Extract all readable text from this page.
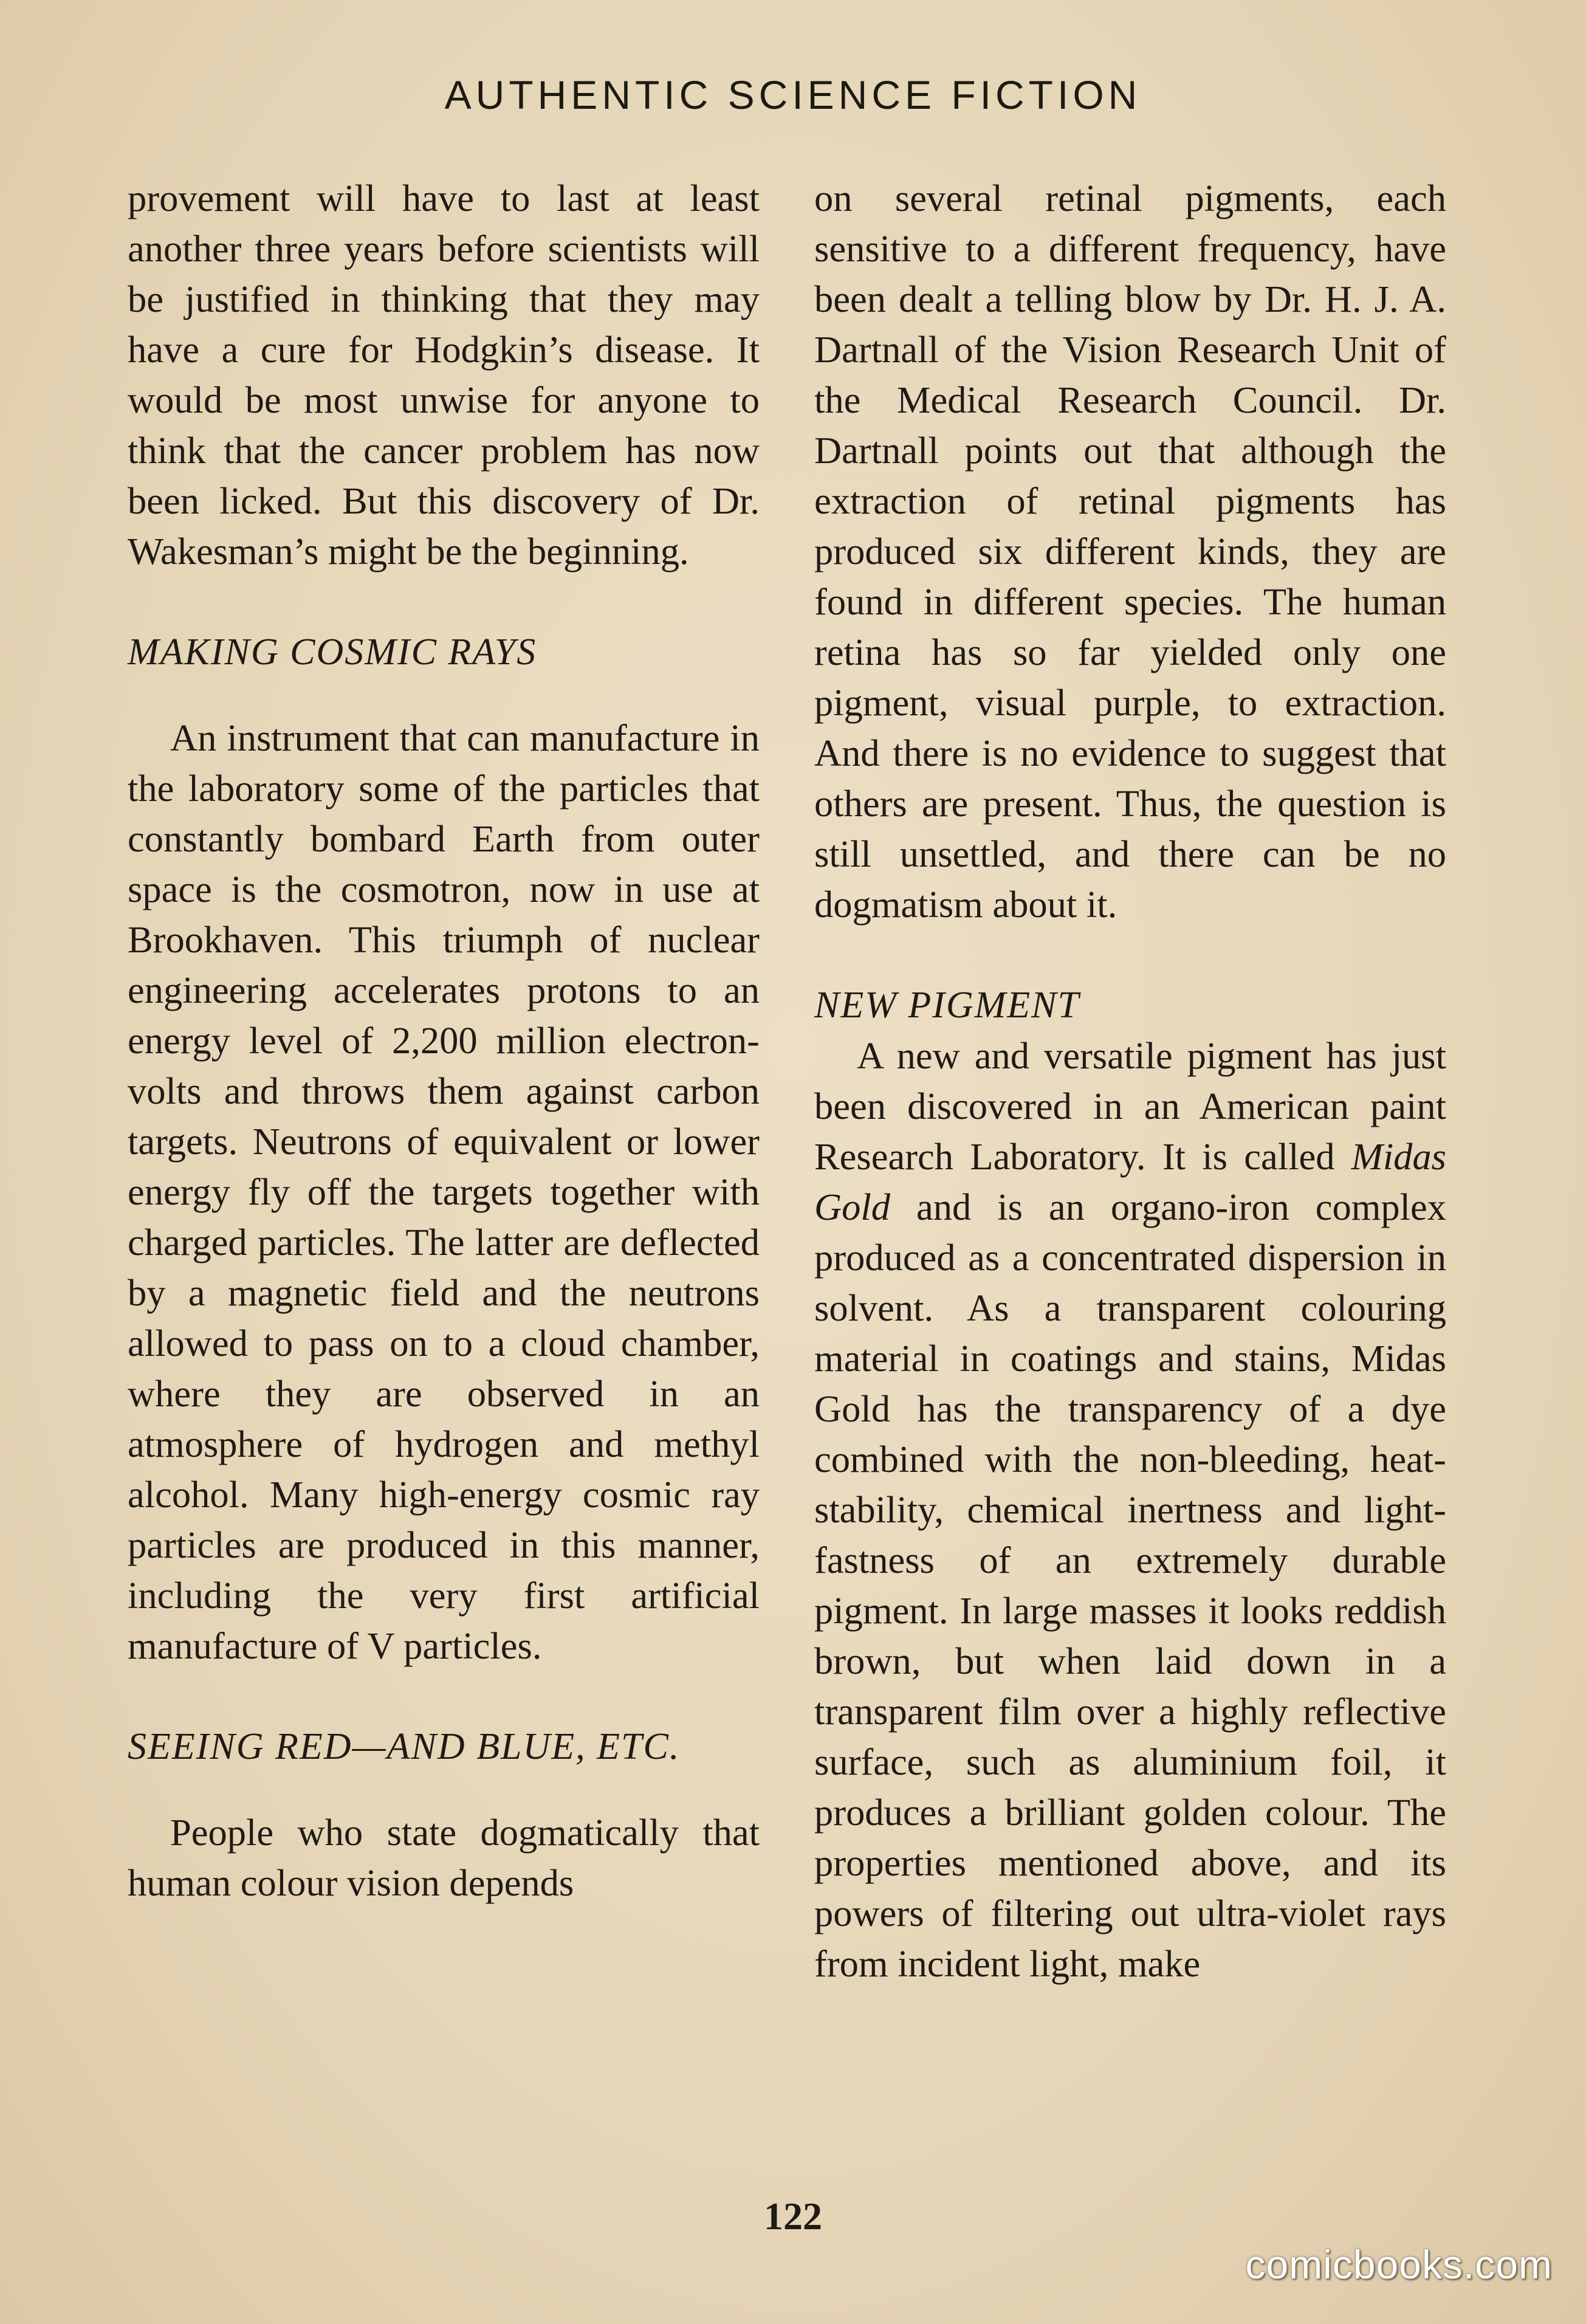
AUTHENTIC SCIENCE FICTION

provement will have to last at least another three years before scientists will be justified in thinking that they may have a cure for Hodgkin’s disease. It would be most unwise for anyone to think that the cancer problem has now been licked. But this discovery of Dr. Wakesman’s might be the beginning.

MAKING COSMIC RAYS

An instrument that can manufacture in the laboratory some of the particles that constantly bombard Earth from outer space is the cosmotron, now in use at Brookhaven. This triumph of nuclear engineering accelerates protons to an energy level of 2,200 million electron-volts and throws them against carbon targets. Neutrons of equivalent or lower energy fly off the targets together with charged particles. The latter are deflected by a magnetic field and the neutrons allowed to pass on to a cloud chamber, where they are observed in an atmosphere of hydrogen and methyl alcohol. Many high-energy cosmic ray particles are produced in this manner, including the very first artificial manufacture of V particles.

SEEING RED—AND BLUE, ETC.

People who state dogmatically that human colour vision depends

on several retinal pigments, each sensitive to a different frequency, have been dealt a telling blow by Dr. H. J. A. Dartnall of the Vision Research Unit of the Medical Research Council. Dr. Dartnall points out that although the extraction of retinal pigments has produced six different kinds, they are found in different species. The human retina has so far yielded only one pigment, visual purple, to extraction. And there is no evidence to suggest that others are present. Thus, the question is still unsettled, and there can be no dogmatism about it.

NEW PIGMENT

A new and versatile pigment has just been discovered in an American paint Research Laboratory. It is called Midas Gold and is an organo-iron complex produced as a concentrated dispersion in solvent. As a transparent colouring material in coatings and stains, Midas Gold has the transparency of a dye combined with the non-bleeding, heat-stability, chemical inertness and light-fastness of an extremely durable pigment. In large masses it looks reddish brown, but when laid down in a transparent film over a highly reflective surface, such as aluminium foil, it produces a brilliant golden colour. The properties mentioned above, and its powers of filtering out ultra-violet rays from incident light, make

122
comicbooks.com
